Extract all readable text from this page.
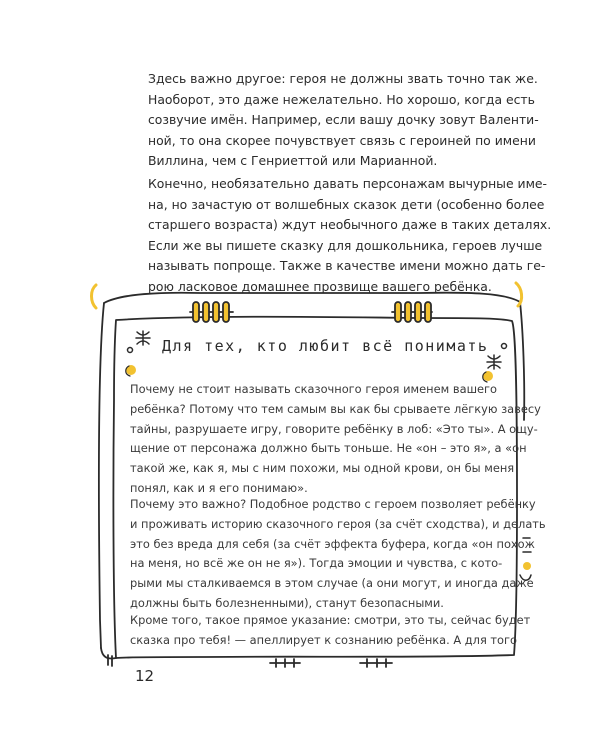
Здесь важно другое: героя не должны звать точно так же.
Наоборот, это даже нежелательно. Но хорошо, когда есть
созвучие имён. Например, если вашу дочку зовут Валенти-
ной, то она скорее почувствует связь с героиней по имени
Виллина, чем с Генриеттой или Марианной.

Конечно, необязательно давать персонажам вычурные име-
на, но зачастую от волшебных сказок дети (особенно более
старшего возраста) ждут необычного даже в таких деталях.
Если же вы пишете сказку для дошкольника, героев лучше
называть попроще. Также в качестве имени можно дать ге-
рою ласковое домашнее прозвище вашего ребёнка.

Для тех, кто любит всё понимать

Почему не стоит называть сказочного героя именем вашего
ребёнка? Потому что тем самым вы как бы срываете лёгкую завесу
тайны, разрушаете игру, говорите ребёнку в лоб: «Это ты». А ощу-
щение от персонажа должно быть тоньше. Не «он – это я», а «он
такой же, как я, мы с ним похожи, мы одной крови, он бы меня
понял, как и я его понимаю».

Почему это важно? Подобное родство с героем позволяет ребёнку
и проживать историю сказочного героя (за счёт сходства), и делать
это без вреда для себя (за счёт эффекта буфера, когда «он похож
на меня, но всё же он не я»). Тогда эмоции и чувства, с кото-
рыми мы сталкиваемся в этом случае (а они могут, и иногда даже
должны быть болезненными), станут безопасными.

Кроме того, такое прямое указание: смотри, это ты, сейчас будет
сказка про тебя! — апеллирует к сознанию ребёнка. А для того

12
